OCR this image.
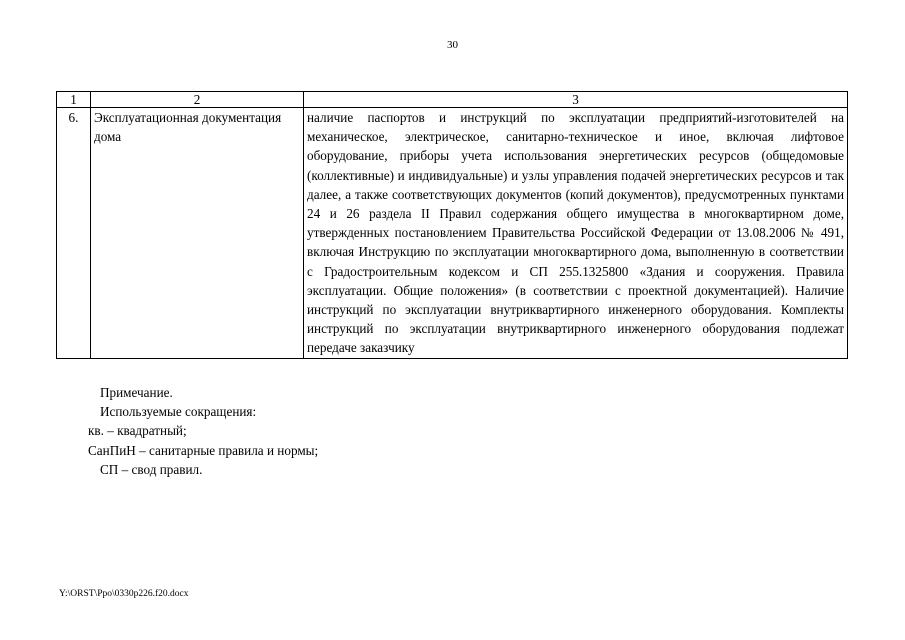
30
1	2	3
6.	Эксплуатационная документация дома	наличие паспортов и инструкций по эксплуатации предприятий-изготовителей на механическое, электрическое, санитарно-техническое и иное, включая лифтовое оборудование, приборы учета использования энергетических ресурсов (общедомовые (коллективные) и индивидуальные) и узлы управления подачей энергетических ресурсов и так далее, а также соответствующих документов (копий документов), предусмотренных пунктами 24 и 26 раздела II Правил содержания общего имущества в многоквартирном доме, утвержденных постановлением Правительства Российской Федерации от 13.08.2006 № 491, включая Инструкцию по эксплуатации многоквартирного дома, выполненную в соответствии с Градостроительным кодексом и СП 255.1325800 «Здания и сооружения. Правила эксплуатации. Общие положения» (в соответствии с проектной документацией). Наличие инструкций по эксплуатации внутриквартирного инженерного оборудования. Комплекты инструкций по эксплуатации внутриквартирного инженерного оборудования подлежат передаче заказчику

Примечание.

Используемые сокращения:

кв. – квадратный;

СанПиН – санитарные правила и нормы;

СП – свод правил.

Y:\ORST\Ppo\0330p226.f20.docx
